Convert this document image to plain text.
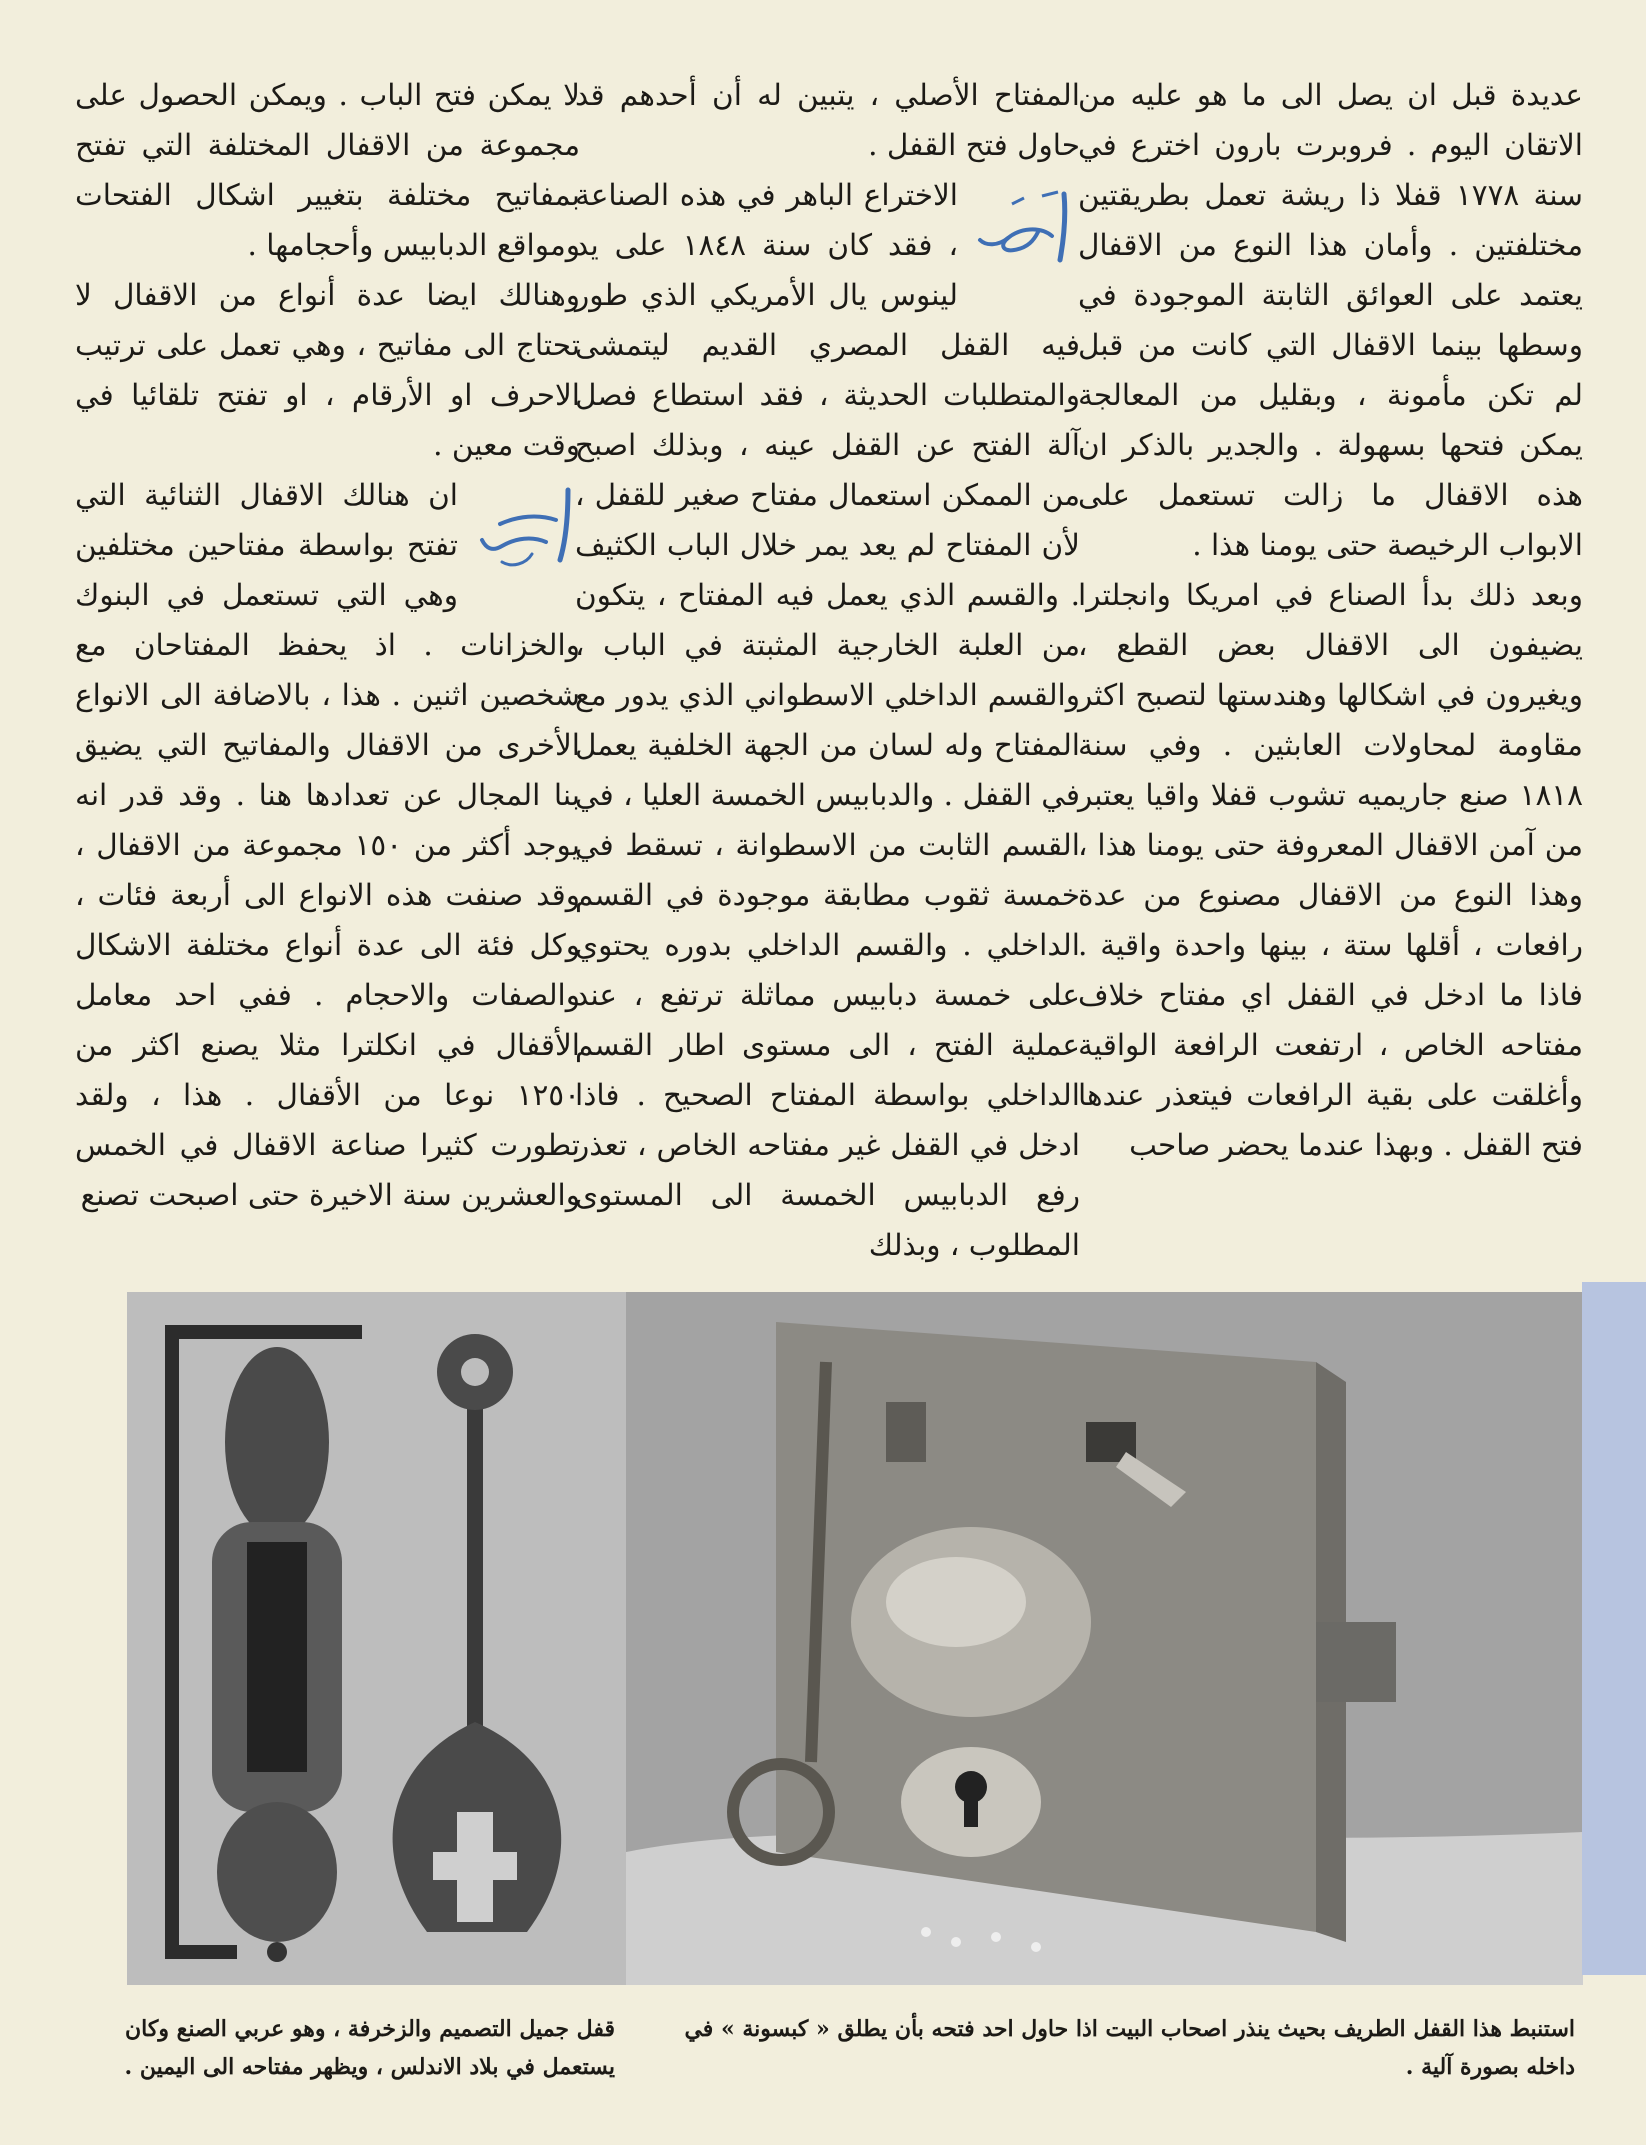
عديدة قبل ان يصل الى ما هو عليه من الاتقان اليوم . فروبرت بارون اخترع في سنة ١٧٧٨ قفلا ذا ريشة تعمل بطريقتين مختلفتين . وأمان هذا النوع من الاقفال يعتمد على العوائق الثابتة الموجودة في وسطها بينما الاقفال التي كانت من قبل لم تكن مأمونة ، وبقليل من المعالجة يمكن فتحها بسهولة . والجدير بالذكر ان هذه الاقفال ما زالت تستعمل على الابواب الرخيصة حتى يومنا هذا .

وبعد ذلك بدأ الصناع في امريكا وانجلترا يضيفون الى الاقفال بعض القطع ، ويغيرون في اشكالها وهندستها لتصبح اكثر مقاومة لمحاولات العابثين . وفي سنة ١٨١٨ صنع جاريميه تشوب قفلا واقيا يعتبر من آمن الاقفال المعروفة حتى يومنا هذا ، وهذا النوع من الاقفال مصنوع من عدة رافعات ، أقلها ستة ، بينها واحدة واقية . فاذا ما ادخل في القفل اي مفتاح خلاف مفتاحه الخاص ، ارتفعت الرافعة الواقية وأغلقت على بقية الرافعات فيتعذر عندها فتح القفل . وبهذا عندما يحضر صاحب

المفتاح الأصلي ، يتبين له أن أحدهم قد حاول فتح القفل .

الاختراع الباهر في هذه الصناعة ، فقد كان سنة ١٨٤٨ على يد لينوس يال الأمريكي الذي طور فيه القفل المصري القديم ليتمشى والمتطلبات الحديثة ، فقد استطاع فصل آلة الفتح عن القفل عينه ، وبذلك اصبح من الممكن استعمال مفتاح صغير للقفل ، لأن المفتاح لم يعد يمر خلال الباب الكثيف . والقسم الذي يعمل فيه المفتاح ، يتكون من العلبة الخارجية المثبتة في الباب ، والقسم الداخلي الاسطواني الذي يدور مع المفتاح وله لسان من الجهة الخلفية يعمل في القفل . والدبابيس الخمسة العليا ، في القسم الثابت من الاسطوانة ، تسقط في خمسة ثقوب مطابقة موجودة في القسم الداخلي . والقسم الداخلي بدوره يحتوي على خمسة دبابيس مماثلة ترتفع ، عند عملية الفتح ، الى مستوى اطار القسم الداخلي بواسطة المفتاح الصحيح . فاذا ادخل في القفل غير مفتاحه الخاص ، تعذر رفع الدبابيس الخمسة الى المستوى المطلوب ، وبذلك

لا يمكن فتح الباب . ويمكن الحصول على مجموعة من الاقفال المختلفة التي تفتح بمفاتيح مختلفة بتغيير اشكال الفتحات ومواقع الدبابيس وأحجامها .

وهنالك ايضا عدة أنواع من الاقفال لا تحتاج الى مفاتيح ، وهي تعمل على ترتيب الاحرف او الأرقام ، او تفتح تلقائيا في وقت معين .

ان هنالك الاقفال الثنائية التي تفتح بواسطة مفتاحين مختلفين وهي التي تستعمل في البنوك والخزانات . اذ يحفظ المفتاحان مع شخصين اثنين . هذا ، بالاضافة الى الانواع الأخرى من الاقفال والمفاتيح التي يضيق بنا المجال عن تعدادها هنا . وقد قدر انه يوجد أكثر من ١٥٠ مجموعة من الاقفال ، وقد صنفت هذه الانواع الى أربعة فئات ، وكل فئة الى عدة أنواع مختلفة الاشكال والصفات والاحجام . ففي احد معامل الأقفال في انكلترا مثلا يصنع اكثر من ١٢٥٠ نوعا من الأقفال . هذا ، ولقد تطورت كثيرا صناعة الاقفال في الخمس والعشرين سنة الاخيرة حتى اصبحت تصنع

استنبط هذا القفل الطريف بحيث ينذر اصحاب البيت اذا حاول احد فتحه بأن يطلق « كبسونة » في داخله بصورة آلية .
قفل جميل التصميم والزخرفة ، وهو عربي الصنع وكان يستعمل في بلاد الاندلس ، ويظهر مفتاحه الى اليمين .
